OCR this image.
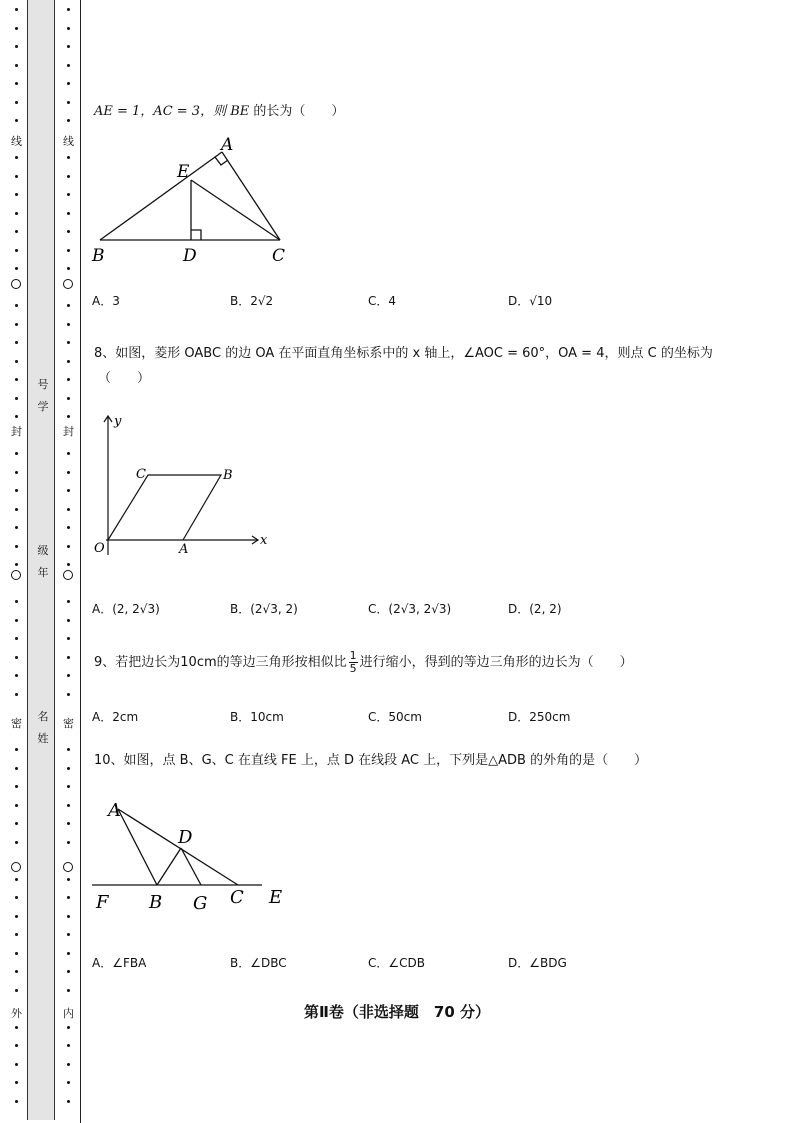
线
封
密
外
线
封
密
内
号
学
级
年
名
姓
AE = 1，AC = 3，则 BE 的长为（　　）
A
E
B	D	C
A．3	B．2√2	C．4	D．√10
8、如图，菱形 OABC 的边 OA 在平面直角坐标系中的 x 轴上，∠AOC = 60°，OA = 4，则点 C 的坐标为
（　　）
y
x
O	A
B
C
A．(2, 2√3)	B．(2√3, 2)	C．(2√3, 2√3)	D．(2, 2)
9、若把边长为10cm的等边三角形按相似比 $\frac{1}{5}$ 进行缩小，得到的等边三角形的边长为（　　）
A．2cm	B．10cm	C．50cm	D．250cm
10、如图，点 B、G、C 在直线 FE 上，点 D 在线段 AC 上，下列是△ADB 的外角的是（　　）
A
D
F B G C E
A．∠FBA	B．∠DBC	C．∠CDB	D．∠BDG
第Ⅱ卷（非选择题　70 分）
